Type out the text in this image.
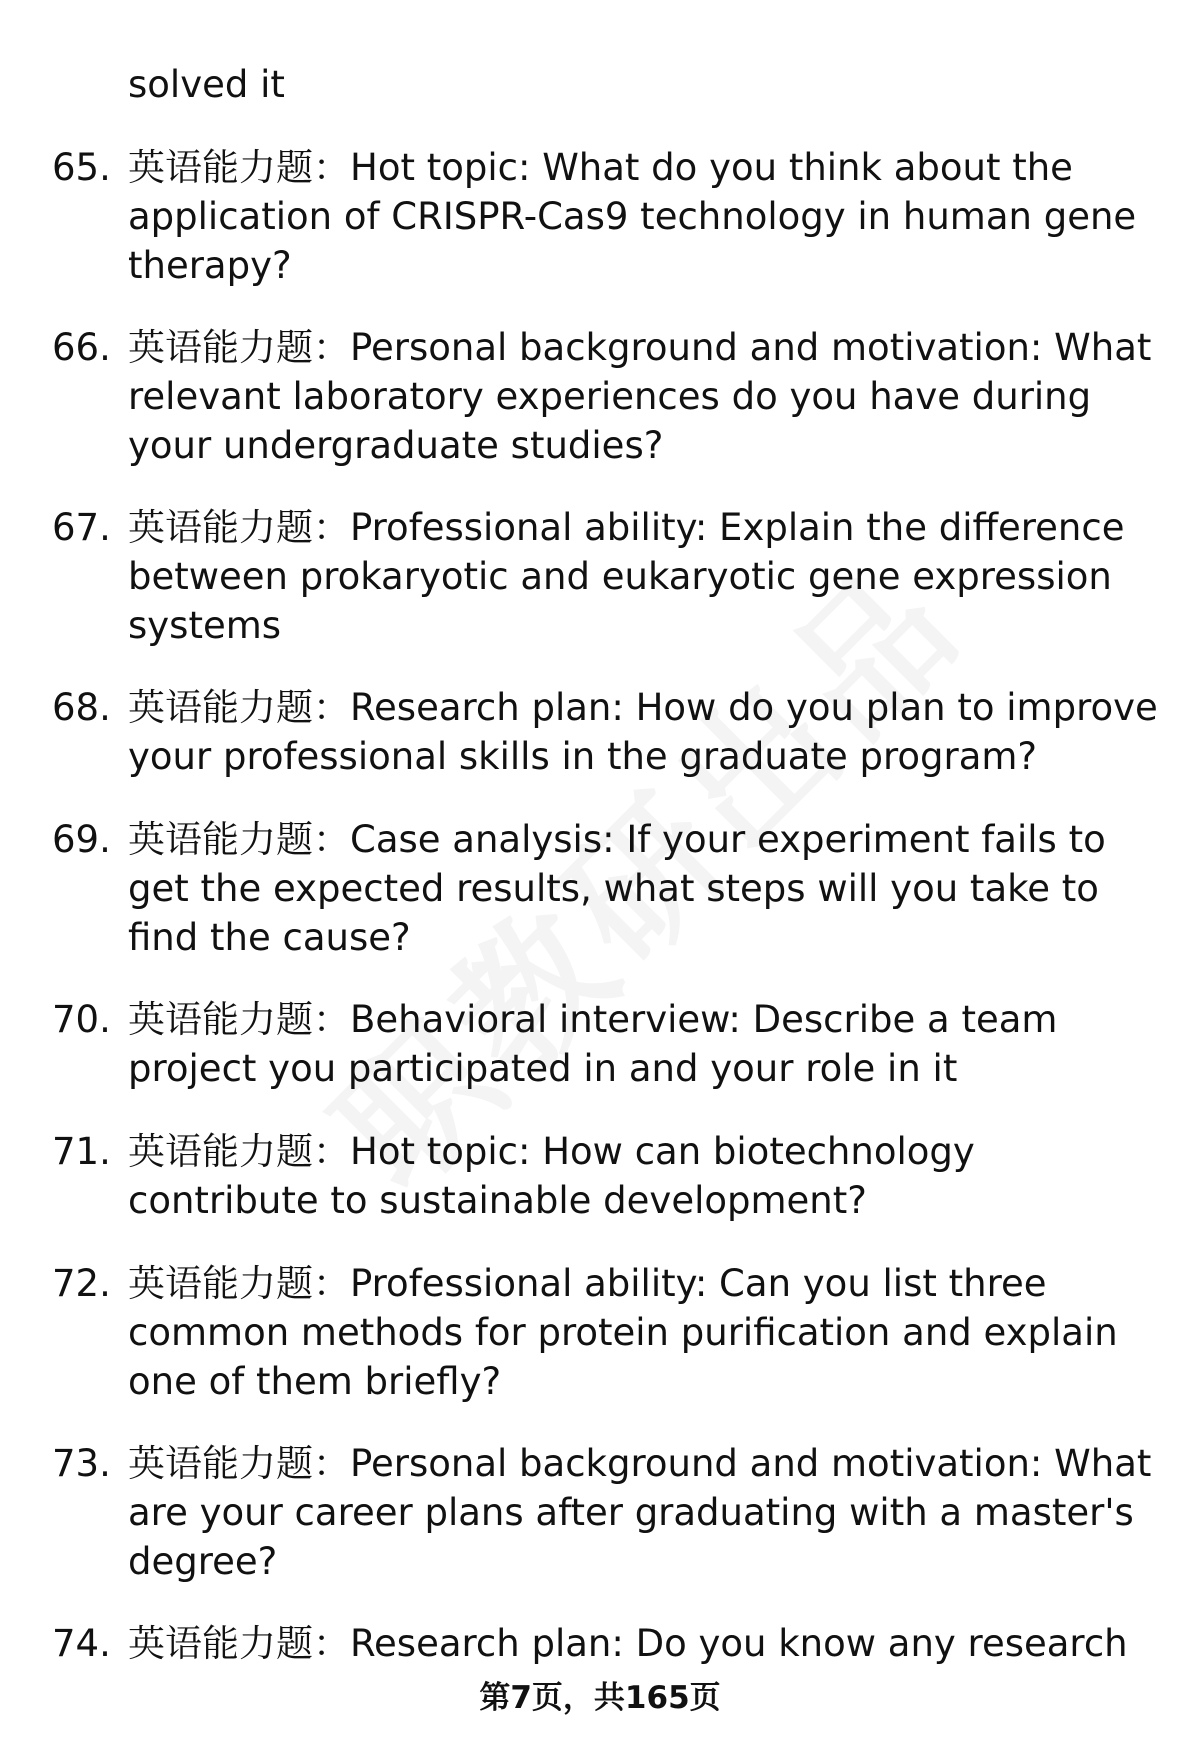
solved it

65. 英语能力题：Hot topic: What do you think about the application of CRISPR-Cas9 technology in human gene therapy?
66. 英语能力题：Personal background and motivation: What relevant laboratory experiences do you have during your undergraduate studies?
67. 英语能力题：Professional ability: Explain the difference between prokaryotic and eukaryotic gene expression systems
68. 英语能力题：Research plan: How do you plan to improve your professional skills in the graduate program?
69. 英语能力题：Case analysis: If your experiment fails to get the expected results, what steps will you take to find the cause?
70. 英语能力题：Behavioral interview: Describe a team project you participated in and your role in it
71. 英语能力题：Hot topic: How can biotechnology contribute to sustainable development?
72. 英语能力题：Professional ability: Can you list three common methods for protein purification and explain one of them briefly?
73. 英语能力题：Personal background and motivation: What are your career plans after graduating with a master's degree?
74. 英语能力题：Research plan: Do you know any research
第7页，共165页
